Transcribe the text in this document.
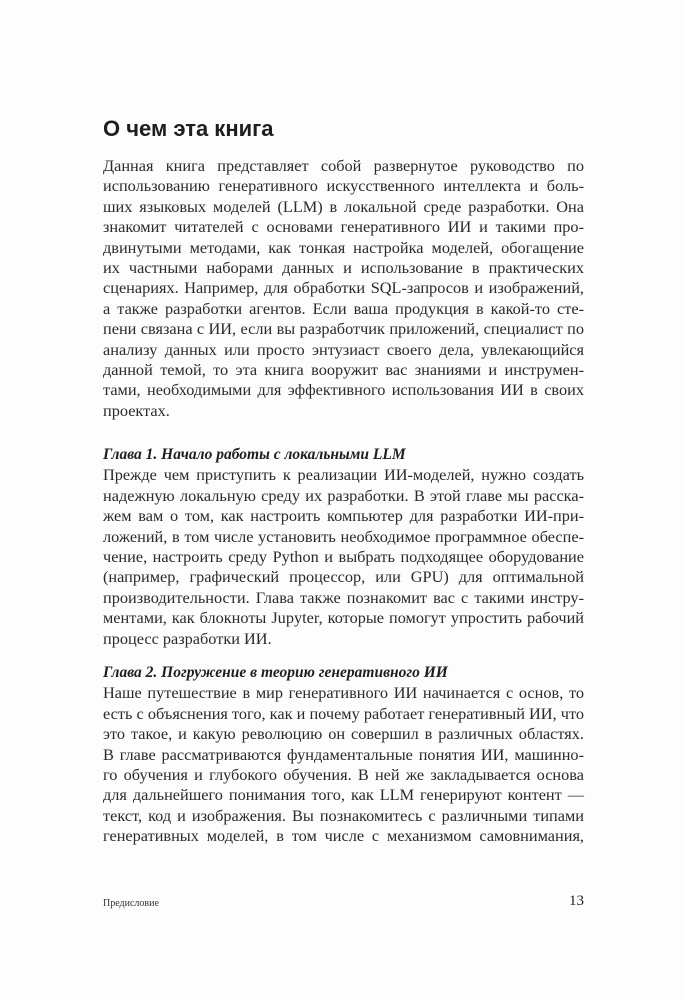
О чем эта книга
Данная книга представляет собой развернутое руководство по
использованию генеративного искусственного интеллекта и боль-
ших языковых моделей (LLM) в локальной среде разработки. Она
знакомит читателей с основами генеративного ИИ и такими про-
двинутыми методами, как тонкая настройка моделей, обогащение
их частными наборами данных и использование в практических
сценариях. Например, для обработки SQL-запросов и изображений,
а также разработки агентов. Если ваша продукция в какой-то сте-
пени связана с ИИ, если вы разработчик приложений, специалист по
анализу данных или просто энтузиаст своего дела, увлекающийся
данной темой, то эта книга вооружит вас знаниями и инструмен-
тами, необходимыми для эффективного использования ИИ в своих
проектах.
Глава 1. Начало работы с локальными LLM
Прежде чем приступить к реализации ИИ-моделей, нужно создать
надежную локальную среду их разработки. В этой главе мы расска-
жем вам о том, как настроить компьютер для разработки ИИ-при-
ложений, в том числе установить необходимое программное обеспе-
чение, настроить среду Python и выбрать подходящее оборудование
(например, графический процессор, или GPU) для оптимальной
производительности. Глава также познакомит вас с такими инстру-
ментами, как блокноты Jupyter, которые помогут упростить рабочий
процесс разработки ИИ.
Глава 2. Погружение в теорию генеративного ИИ
Наше путешествие в мир генеративного ИИ начинается с основ, то
есть с объяснения того, как и почему работает генеративный ИИ, что
это такое, и какую революцию он совершил в различных областях.
В главе рассматриваются фундаментальные понятия ИИ, машинно-
го обучения и глубокого обучения. В ней же закладывается основа
для дальнейшего понимания того, как LLM генерируют контент —
текст, код и изображения. Вы познакомитесь с различными типами
генеративных моделей, в том числе с механизмом самовнимания,
Предисловие	13
